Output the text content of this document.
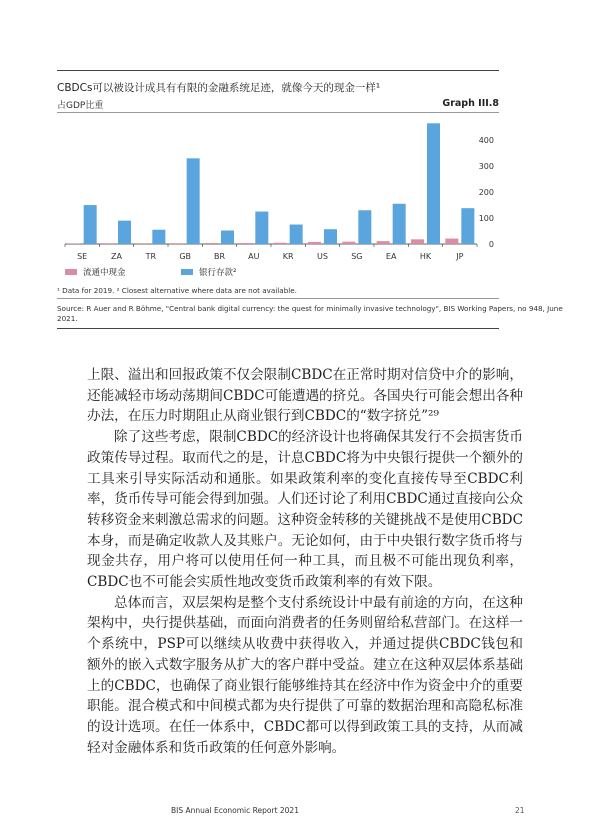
CBDCs可以被设计成具有有限的金融系统足迹，就像今天的现金一样¹
占GDP比重	Graph III.8
0
100
200
300
400
SE	ZA	TR	GB	BR	AU	KR	US	SG	EA	HK	JP
流通中现金	银行存款²
¹ Data for 2019. ² Closest alternative where data are not available.
Source: R Auer and R Böhme, "Central bank digital currency: the quest for minimally invasive technology", BIS Working Papers, no 948, June
2021.

上限、溢出和回报政策不仅会限制CBDC在正常时期对信贷中介的影响，还能减轻市场动荡期间CBDC可能遭遇的挤兑。各国央行可能会想出各种办法，在压力时期阻止从商业银行到CBDC的“数字挤兑”²⁹

除了这些考虑，限制CBDC的经济设计也将确保其发行不会损害货币政策传导过程。取而代之的是，计息CBDC将为中央银行提供一个额外的工具来引导实际活动和通胀。如果政策利率的变化直接传导至CBDC利率，货币传导可能会得到加强。人们还讨论了利用CBDC通过直接向公众转移资金来刺激总需求的问题。这种资金转移的关键挑战不是使用CBDC本身，而是确定收款人及其账户。无论如何，由于中央银行数字货币将与现金共存，用户将可以使用任何一种工具，而且极不可能出现负利率，CBDC也不可能会实质性地改变货币政策利率的有效下限。

总体而言，双层架构是整个支付系统设计中最有前途的方向，在这种架构中，央行提供基础，而面向消费者的任务则留给私营部门。在这样一个系统中，PSP可以继续从收费中获得收入，并通过提供CBDC钱包和额外的嵌入式数字服务从扩大的客户群中受益。建立在这种双层体系基础上的CBDC，也确保了商业银行能够维持其在经济中作为资金中介的重要职能。混合模式和中间模式都为央行提供了可靠的数据治理和高隐私标准的设计选项。在任一体系中，CBDC都可以得到政策工具的支持，从而减轻对金融体系和货币政策的任何意外影响。

BIS Annual Economic Report 2021	21
